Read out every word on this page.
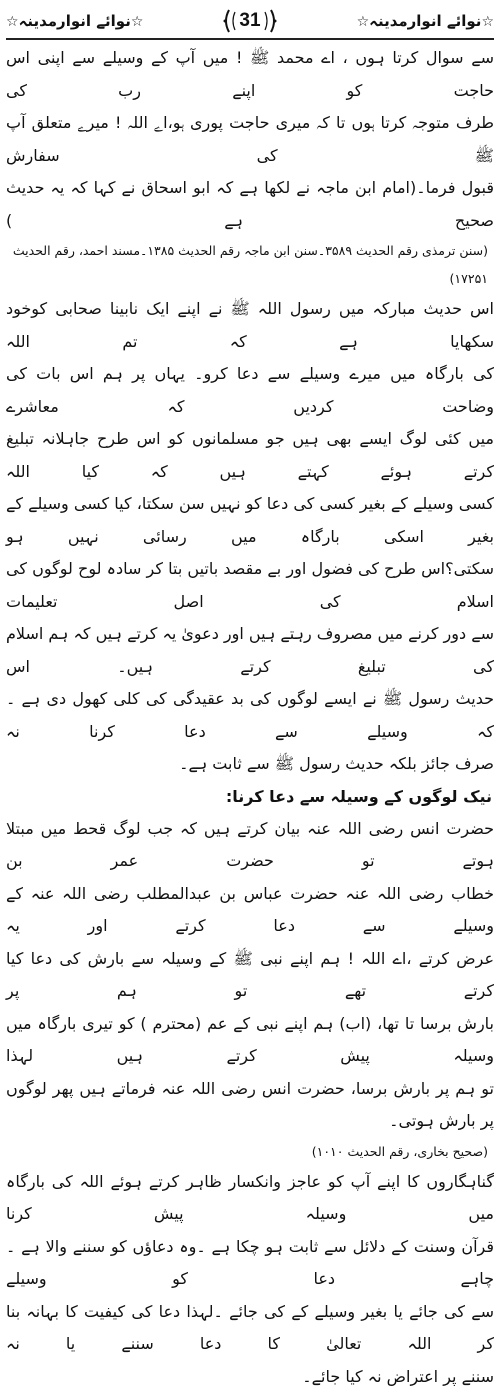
☆نوائے انوارمدینہ☆	31	☆نوائے انوارمدینہ☆

سے سوال کرتا ہوں ، اے محمد ﷺ ! میں آپ کے وسیلے سے اپنی اس حاجت کو اپنے رب کی

طرف متوجہ کرتا ہوں تا کہ میری حاجت پوری ہو،اے اللہ ! میرے متعلق آپ ﷺ کی سفارش

قبول فرما۔(امام ابن ماجہ نے لکھا ہے کہ ابو اسحاق نے کہا کہ یہ حدیث صحیح ہے )

(سنن ترمذی رقم الحدیث ۳۵۸۹۔سنن ابن ماجہ رقم الحدیث ۱۳۸۵۔مسند احمد، رقم الحدیث ۱۷۲۵۱)

اس حدیث مبارکہ میں رسول اللہ ﷺ نے اپنے ایک نابینا صحابی کوخود سکھایا ہے کہ تم اللہ

کی بارگاہ میں میرے وسیلے سے دعا کرو۔ یہاں پر ہم اس بات کی وضاحت کردیں کہ معاشرے

میں کئی لوگ ایسے بھی ہیں جو مسلمانوں کو اس طرح جاہلانہ تبلیغ کرتے ہوئے کہتے ہیں کہ کیا اللہ

کسی وسیلے کے بغیر کسی کی دعا کو نہیں سن سکتا، کیا کسی وسیلے کے بغیر اسکی بارگاہ میں رسائی نہیں ہو

سکتی؟اس طرح کی فضول اور بے مقصد باتیں بتا کر سادہ لوح لوگوں کی اسلام کی اصل تعلیمات

سے دور کرنے میں مصروف رہتے ہیں اور دعویٰ یہ کرتے ہیں کہ ہم اسلام کی تبلیغ کرتے ہیں۔ اس

حدیث رسول ﷺ نے ایسے لوگوں کی بد عقیدگی کی کلی کھول دی ہے ۔کہ وسیلے سے دعا کرنا نہ

صرف جائز بلکہ حدیث رسول ﷺ سے ثابت ہے۔

نیک لوگوں کے وسیلہ سے دعا کرنا:

حضرت انس رضی اللہ عنہ بیان کرتے ہیں کہ جب لوگ قحط میں مبتلا ہوتے تو حضرت عمر بن

خطاب رضی اللہ عنہ حضرت عباس بن عبدالمطلب رضی اللہ عنہ کے وسیلے سے دعا کرتے اور یہ

عرض کرتے ،اے اللہ ! ہم اپنے نبی ﷺ کے وسیلہ سے بارش کی دعا کیا کرتے تھے تو ہم پر

بارش برسا تا تھا، (اب) ہم اپنے نبی کے عم (محترم ) کو تیری بارگاہ میں وسیلہ پیش کرتے ہیں لہذا

تو ہم پر بارش برسا، حضرت انس رضی اللہ عنہ فرماتے ہیں پھر لوگوں پر بارش ہوتی۔

(صحیح بخاری، رقم الحدیث ۱۰۱۰)

گناہگاروں کا اپنے آپ کو عاجز وانکسار ظاہر کرتے ہوئے اللہ کی بارگاہ میں وسیلہ پیش کرنا

قرآن وسنت کے دلائل سے ثابت ہو چکا ہے ۔وہ دعاؤں کو سننے والا ہے ۔ چاہے دعا کو وسیلے

سے کی جائے یا بغیر وسیلے کے کی جائے ۔لہذا دعا کی کیفیت کا بہانہ بنا کر اللہ تعالیٰ کا دعا سننے یا نہ

سننے پر اعتراض نہ کیا جائے۔
